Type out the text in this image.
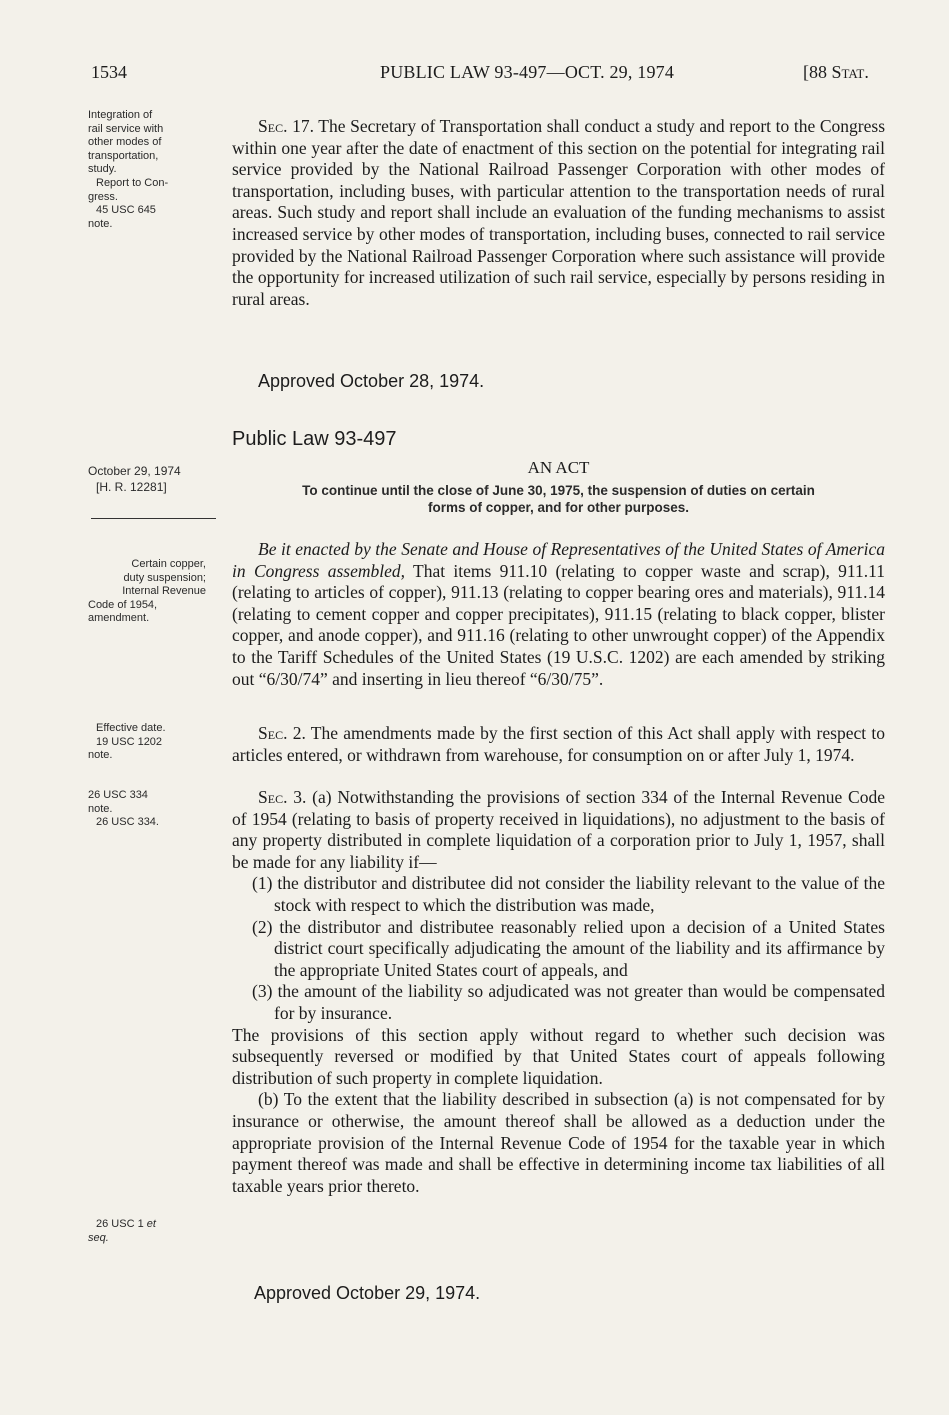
1534	PUBLIC LAW 93-497—OCT. 29, 1974	[88 Stat.
Integration of
rail service with
other modes of
transportation,
study.
Report to Con-
gress.
45 USC 645
note.
October 29, 1974
[H. R. 12281]
Certain copper,
duty suspension;
Internal Revenue
Code of 1954,
amendment.
Effective date.
19 USC 1202
note.
26 USC 334
note.
26 USC 334.
26 USC 1 et
seq.
Sec. 17. The Secretary of Transportation shall conduct a study and report to the Congress within one year after the date of enactment of this section on the potential for integrating rail service provided by the National Railroad Passenger Corporation with other modes of transportation, including buses, with particular attention to the transportation needs of rural areas. Such study and report shall include an evaluation of the funding mechanisms to assist increased service by other modes of transportation, including buses, connected to rail service provided by the National Railroad Passenger Corporation where such assistance will provide the opportunity for increased utilization of such rail service, especially by persons residing in rural areas.
Approved October 28, 1974.
Public Law 93-497
AN ACT
To continue until the close of June 30, 1975, the suspension of duties on certain
forms of copper, and for other purposes.
Be it enacted by the Senate and House of Representatives of the United States of America in Congress assembled, That items 911.10 (relating to copper waste and scrap), 911.11 (relating to articles of copper), 911.13 (relating to copper bearing ores and materials), 911.14 (relating to cement copper and copper precipitates), 911.15 (relating to black copper, blister copper, and anode copper), and 911.16 (relating to other unwrought copper) of the Appendix to the Tariff Schedules of the United States (19 U.S.C. 1202) are each amended by striking out “6/30/74” and inserting in lieu thereof “6/30/75”.
Sec. 2. The amendments made by the first section of this Act shall apply with respect to articles entered, or withdrawn from warehouse, for consumption on or after July 1, 1974.
Sec. 3. (a) Notwithstanding the provisions of section 334 of the Internal Revenue Code of 1954 (relating to basis of property received in liquidations), no adjustment to the basis of any property distributed in complete liquidation of a corporation prior to July 1, 1957, shall be made for any liability if—
(1) the distributor and distributee did not consider the liability relevant to the value of the stock with respect to which the distribution was made,
(2) the distributor and distributee reasonably relied upon a decision of a United States district court specifically adjudicating the amount of the liability and its affirmance by the appropriate United States court of appeals, and
(3) the amount of the liability so adjudicated was not greater than would be compensated for by insurance.
The provisions of this section apply without regard to whether such decision was subsequently reversed or modified by that United States court of appeals following distribution of such property in complete liquidation.
(b) To the extent that the liability described in subsection (a) is not compensated for by insurance or otherwise, the amount thereof shall be allowed as a deduction under the appropriate provision of the Internal Revenue Code of 1954 for the taxable year in which payment thereof was made and shall be effective in determining income tax liabilities of all taxable years prior thereto.
Approved October 29, 1974.
